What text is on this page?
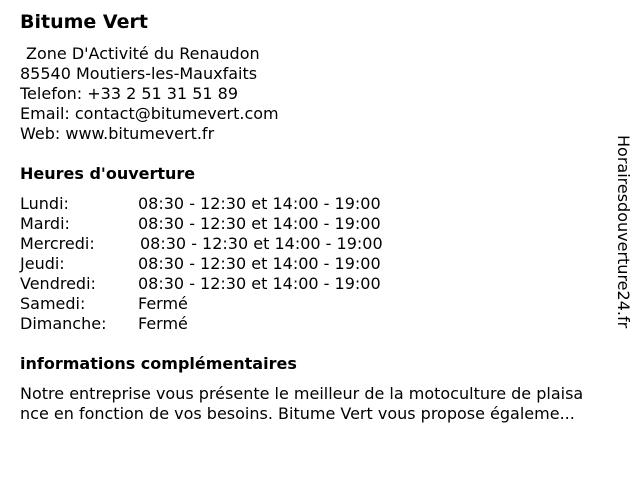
Bitume Vert
Zone D'Activité du Renaudon
85540 Moutiers-les-Mauxfaits
Telefon: +33 2 51 31 51 89
Email: contact@bitumevert.com
Web: www.bitumevert.fr
Heures d'ouverture
Lundi:	08:30 - 12:30 et 14:00 - 19:00
Mardi:	08:30 - 12:30 et 14:00 - 19:00
Mercredi:	08:30 - 12:30 et 14:00 - 19:00
Jeudi:	08:30 - 12:30 et 14:00 - 19:00
Vendredi:	08:30 - 12:30 et 14:00 - 19:00
Samedi:	Fermé
Dimanche: Fermé
informations complémentaires
Notre entreprise vous présente le meilleur de la motoculture de plaisa
nce en fonction de vos besoins. Bitume Vert vous propose égaleme...
Horairesdouverture24.fr
